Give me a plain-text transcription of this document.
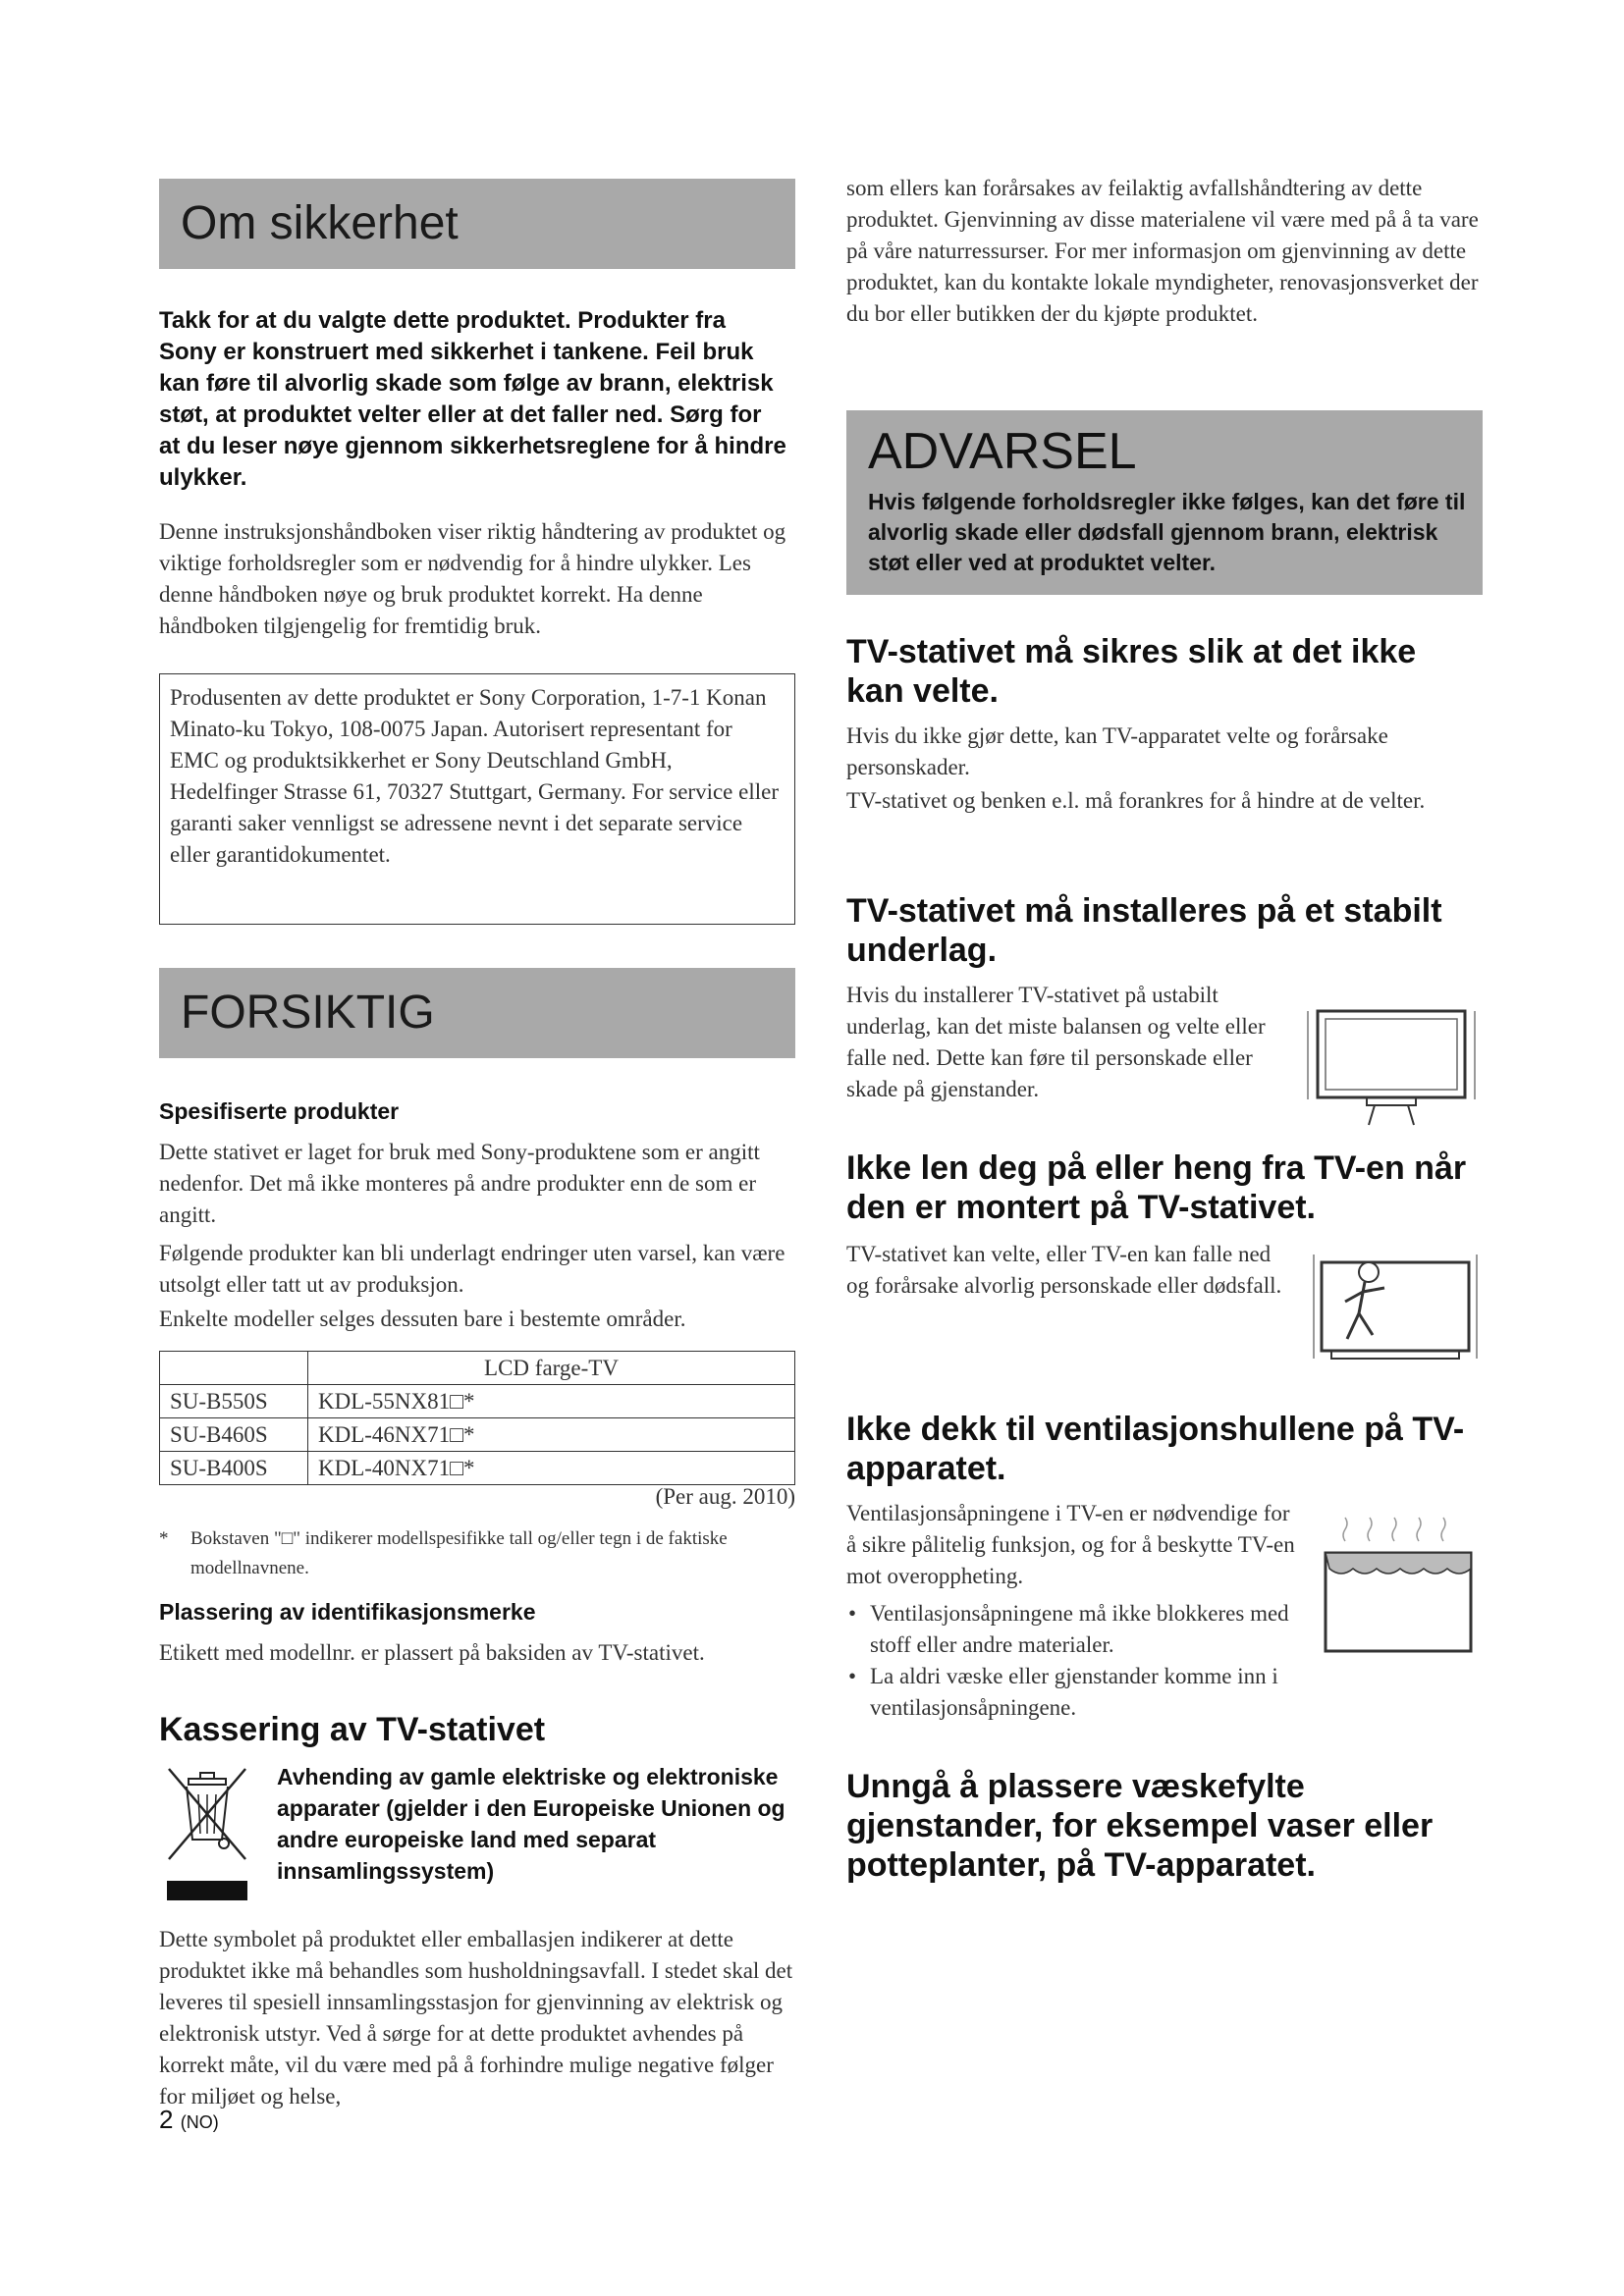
Om sikkerhet
Takk for at du valgte dette produktet. Produkter fra Sony er konstruert med sikkerhet i tankene. Feil bruk kan føre til alvorlig skade som følge av brann, elektrisk støt, at produktet velter eller at det faller ned. Sørg for at du leser nøye gjennom sikkerhetsreglene for å hindre ulykker.
Denne instruksjonshåndboken viser riktig håndtering av produktet og viktige forholdsregler som er nødvendig for å hindre ulykker. Les denne håndboken nøye og bruk produktet korrekt. Ha denne håndboken tilgjengelig for fremtidig bruk.

Produsenten av dette produktet er Sony Corporation, 1-7-1 Konan Minato-ku Tokyo, 108-0075 Japan. Autorisert representant for EMC og produktsikkerhet er Sony Deutschland GmbH, Hedelfinger Strasse 61, 70327 Stuttgart, Germany. For service eller garanti saker vennligst se adressene nevnt i det separate service eller garantidokumentet.

FORSIKTIG
Spesifiserte produkter
Dette stativet er laget for bruk med Sony-produktene som er angitt nedenfor. Det må ikke monteres på andre produkter enn de som er angitt.
Følgende produkter kan bli underlagt endringer uten varsel, kan være utsolgt eller tatt ut av produksjon.
Enkelte modeller selges dessuten bare i bestemte områder.
	LCD farge-TV
SU-B550S	KDL-55NX81□*
SU-B460S	KDL-46NX71□*
SU-B400S	KDL-40NX71□*
(Per aug. 2010)
* Bokstaven "□" indikerer modellspesifikke tall og/eller tegn i de faktiske modellnavnene.

Plassering av identifikasjonsmerke
Etikett med modellnr. er plassert på baksiden av TV-stativet.
Kassering av TV-stativet
Avhending av gamle elektriske og elektroniske apparater (gjelder i den Europeiske Unionen og andre europeiske land med separat innsamlingssystem)
Dette symbolet på produktet eller emballasjen indikerer at dette produktet ikke må behandles som husholdningsavfall. I stedet skal det leveres til spesiell innsamlingsstasjon for gjenvinning av elektrisk og elektronisk utstyr. Ved å sørge for at dette produktet avhendes på korrekt måte, vil du være med på å forhindre mulige negative følger for miljøet og helse,
2 (NO)
som ellers kan forårsakes av feilaktig avfallshåndtering av dette produktet. Gjenvinning av disse materialene vil være med på å ta vare på våre naturressurser. For mer informasjon om gjenvinning av dette produktet, kan du kontakte lokale myndigheter, renovasjonsverket der du bor eller butikken der du kjøpte produktet.
ADVARSEL

Hvis følgende forholdsregler ikke følges, kan det føre til alvorlig skade eller dødsfall gjennom brann, elektrisk støt eller ved at produktet velter.

TV-stativet må sikres slik at det ikke kan velte.
Hvis du ikke gjør dette, kan TV-apparatet velte og forårsake personskader.
TV-stativet og benken e.l. må forankres for å hindre at de velter.
TV-stativet må installeres på et stabilt underlag.
Hvis du installerer TV-stativet på ustabilt underlag, kan det miste balansen og velte eller falle ned. Dette kan føre til personskade eller skade på gjenstander.
Ikke len deg på eller heng fra TV-en når den er montert på TV-stativet.
TV-stativet kan velte, eller TV-en kan falle ned og forårsake alvorlig personskade eller dødsfall.
Ikke dekk til ventilasjonshullene på TV-apparatet.
Ventilasjonsåpningene i TV-en er nødvendige for å sikre pålitelig funksjon, og for å beskytte TV-en mot overoppheting.
• Ventilasjonsåpningene må ikke blokkeres med stoff eller andre materialer.
• La aldri væske eller gjenstander komme inn i ventilasjonsåpningene.
Unngå å plassere væskefylte gjenstander, for eksempel vaser eller potteplanter, på TV-apparatet.
